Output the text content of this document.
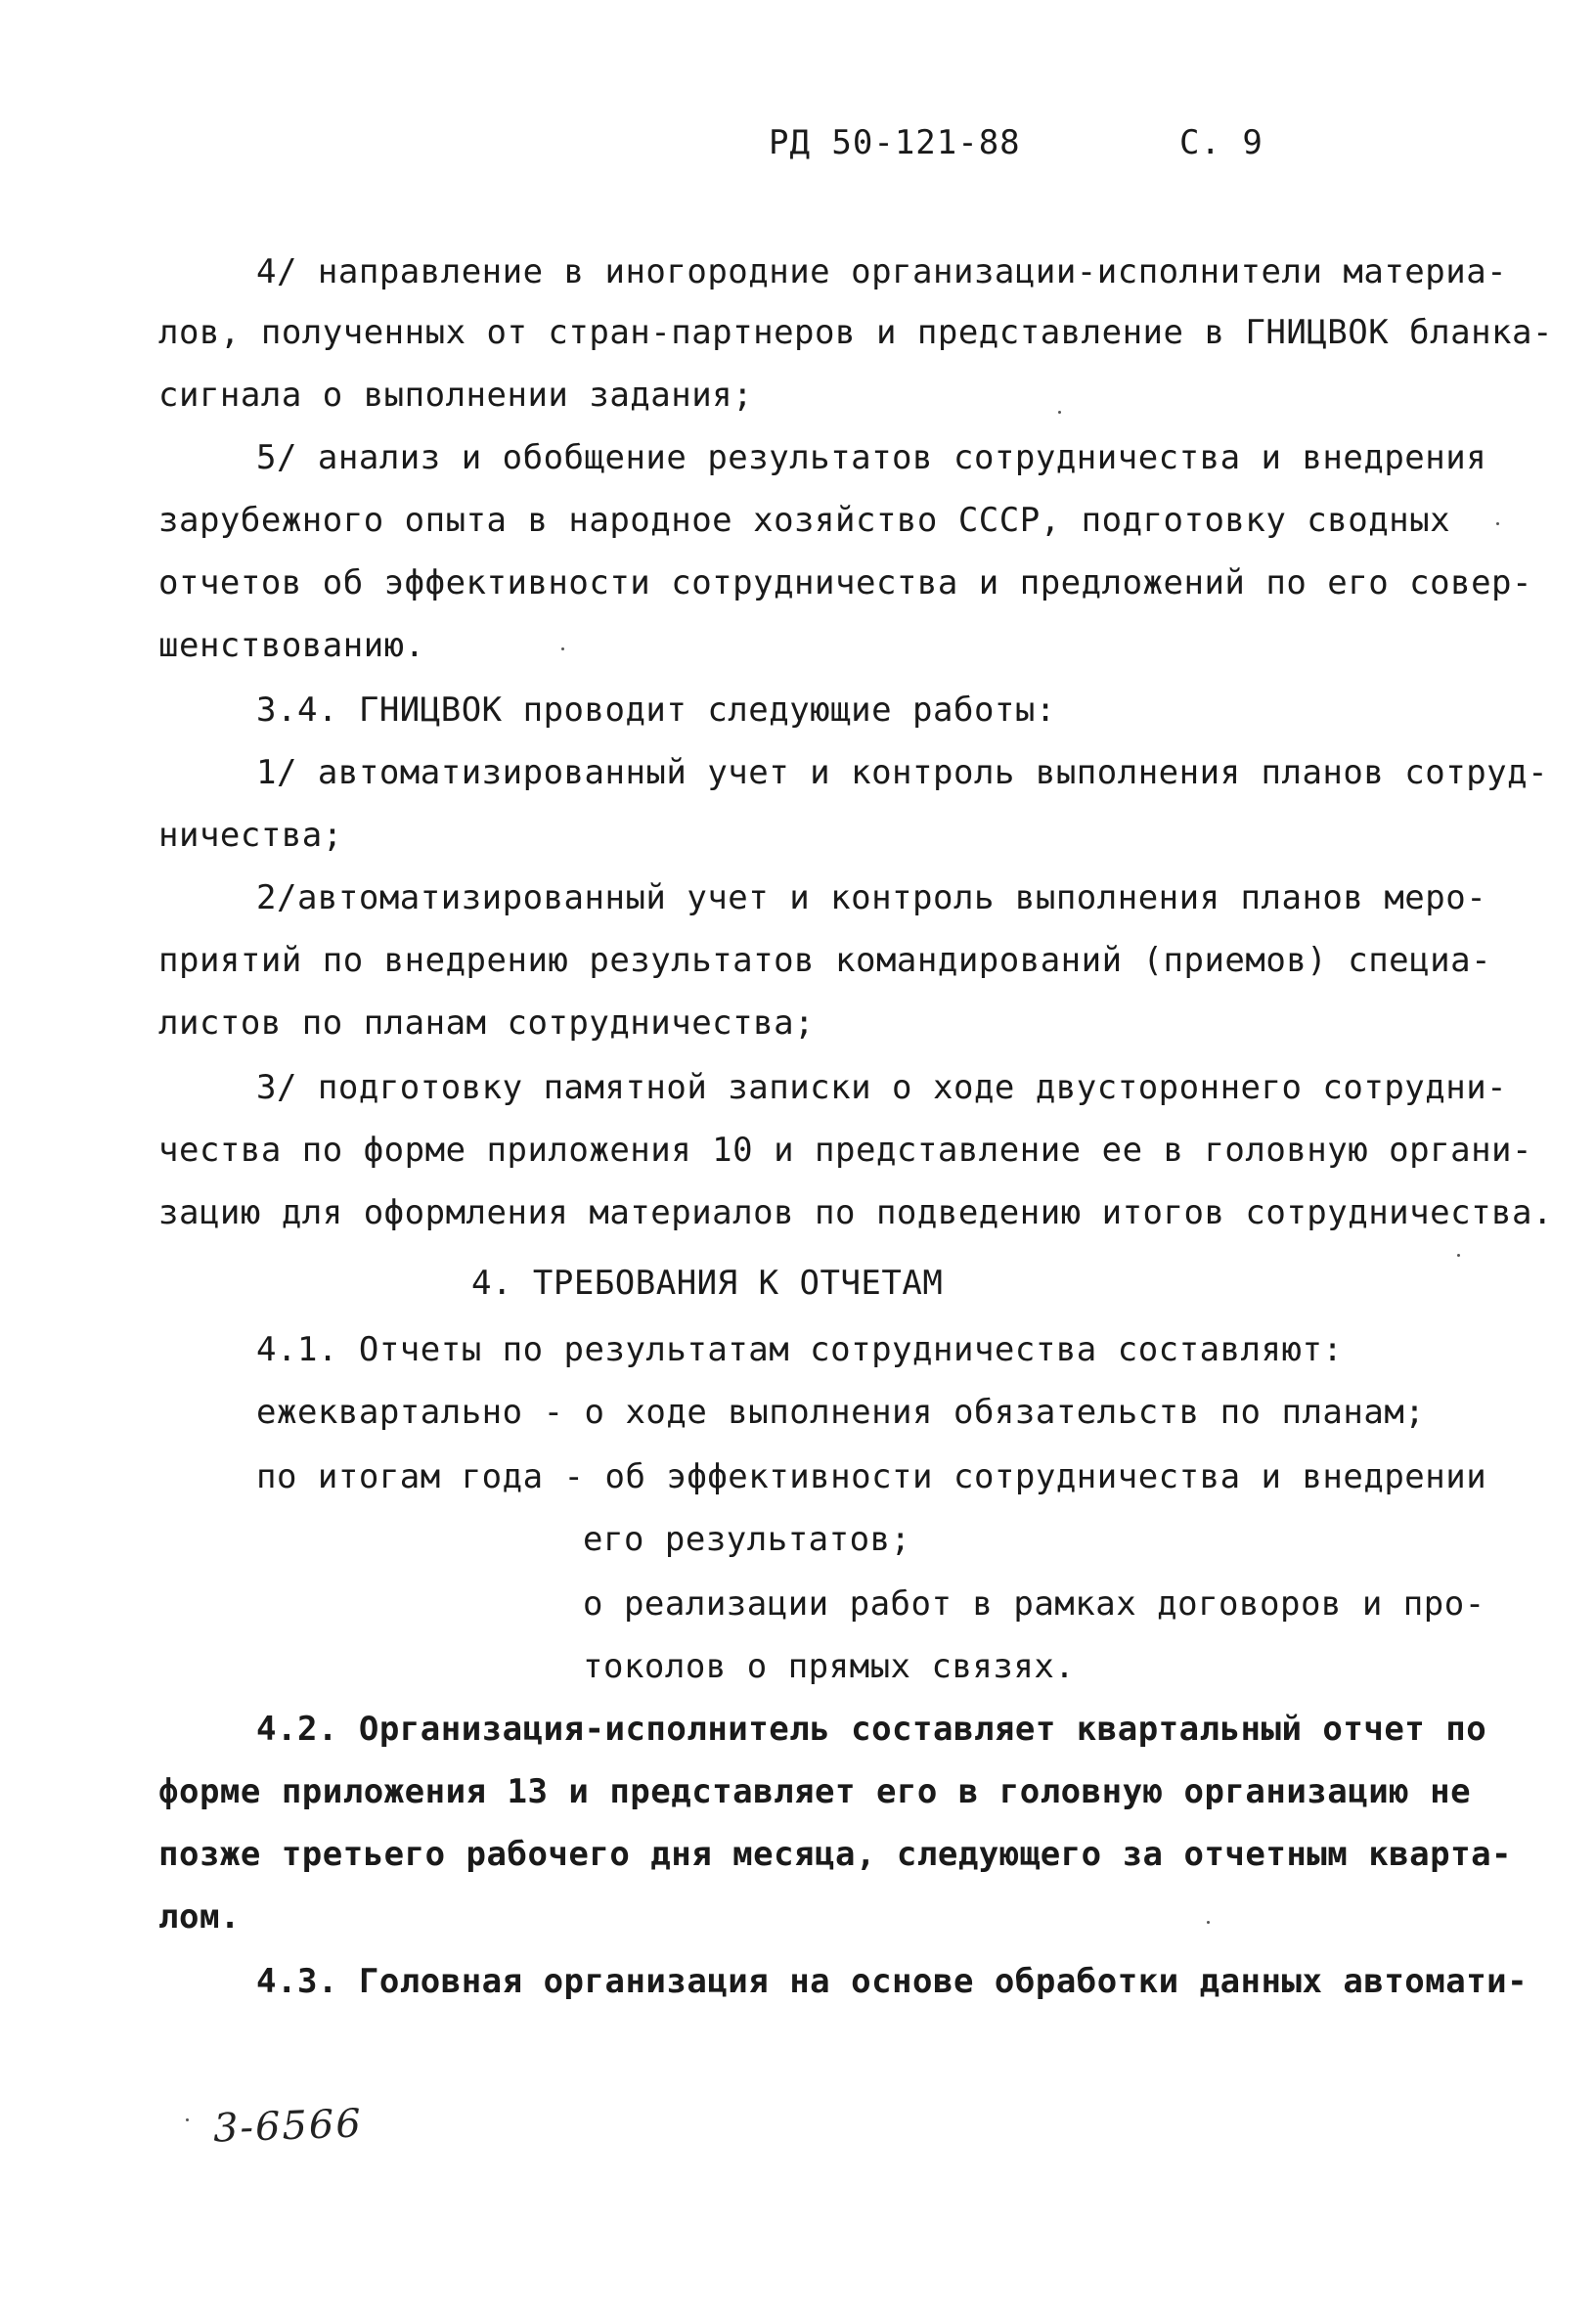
РД 50-121-88	С. 9
4/ направление в иногородние организации-исполнители материа-
лов, полученных от стран-партнеров и представление в ГНИЦВОК бланка-
сигнала о выполнении задания;
5/ анализ и обобщение результатов сотрудничества и внедрения
зарубежного опыта в народное хозяйство СССР, подготовку сводных
отчетов об эффективности сотрудничества и предложений по его совер-
шенствованию.
3.4. ГНИЦВОК проводит следующие работы:
1/ автоматизированный учет и контроль выполнения планов сотруд-
ничества;
2/автоматизированный учет и контроль выполнения планов меро-
приятий по внедрению результатов командирований (приемов) специа-
листов по планам сотрудничества;
3/ подготовку памятной записки о ходе двустороннего сотрудни-
чества по форме приложения 10 и представление ее в головную органи-
зацию для оформления материалов по подведению итогов сотрудничества.
4. ТРЕБОВАНИЯ К ОТЧЕТАМ
4.1. Отчеты по результатам сотрудничества составляют:
ежеквартально - о ходе выполнения обязательств по планам;
по итогам года - об эффективности сотрудничества и внедрении
его результатов;
о реализации работ в рамках договоров и про-
токолов о прямых связях.
4.2. Организация-исполнитель составляет квартальный отчет по
форме приложения 13 и представляет его в головную организацию не
позже третьего рабочего дня месяца, следующего за отчетным кварта-
лом.
4.3. Головная организация на основе обработки данных автомати-
3-6566
